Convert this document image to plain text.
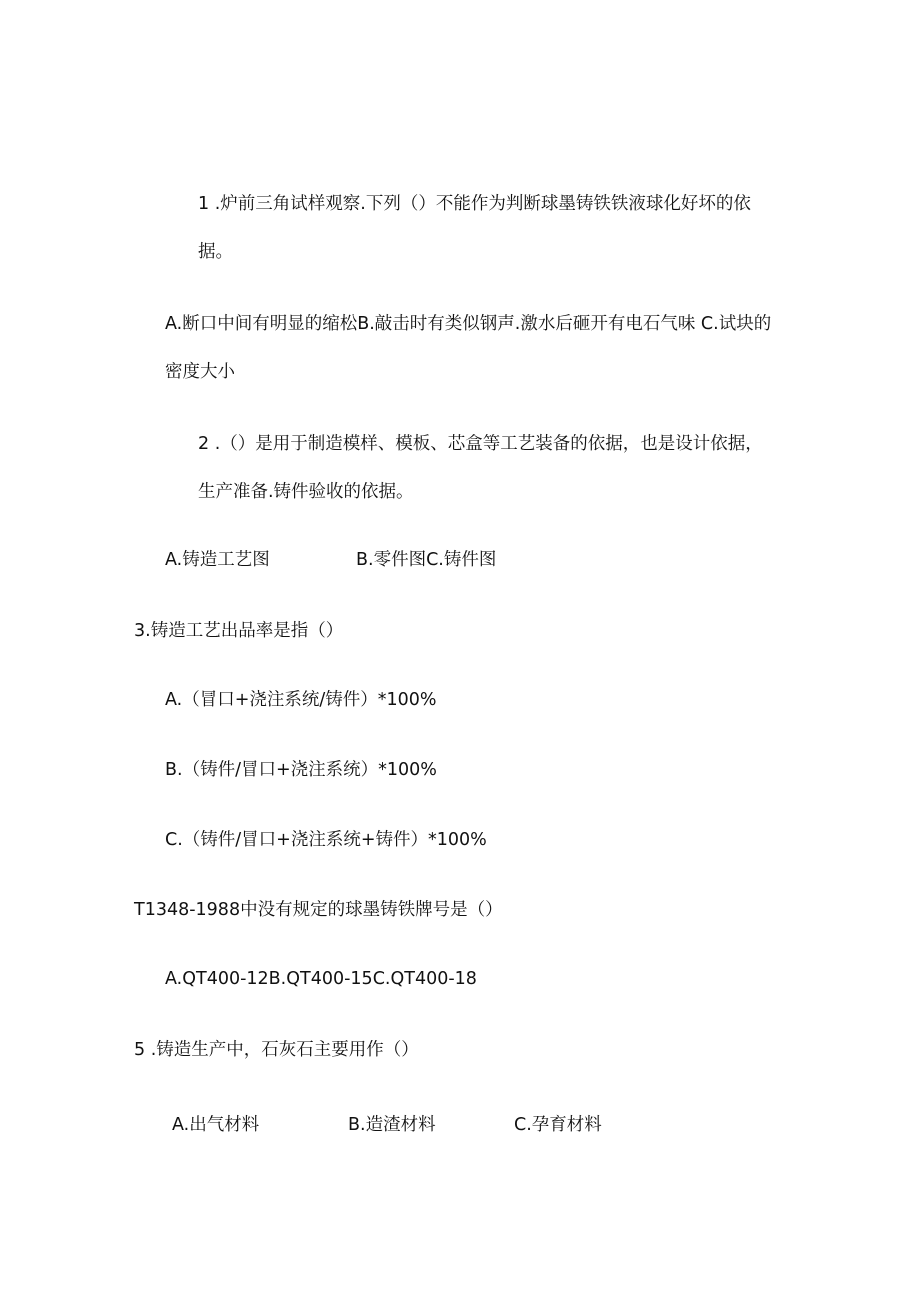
1 .炉前三角试样观察.下列（）不能作为判断球墨铸铁铁液球化好坏的依
据。
A.断口中间有明显的缩松B.敲击时有类似钢声.激水后砸开有电石气味 C.试块的
密度大小
2 .（）是用于制造模样、模板、芯盒等工艺装备的依据，也是设计依据，
生产准备.铸件验收的依据。
A.铸造工艺图	B.零件图C.铸件图
3.铸造工艺出品率是指（）
A.（冒口+浇注系统/铸件）*100%
B.（铸件/冒口+浇注系统）*100%
C.（铸件/冒口+浇注系统+铸件）*100%
T1348-1988中没有规定的球墨铸铁牌号是（）
A.QT400-12B.QT400-15C.QT400-18
5 .铸造生产中，石灰石主要用作（）
A.出气材料	B.造渣材料	C.孕育材料
